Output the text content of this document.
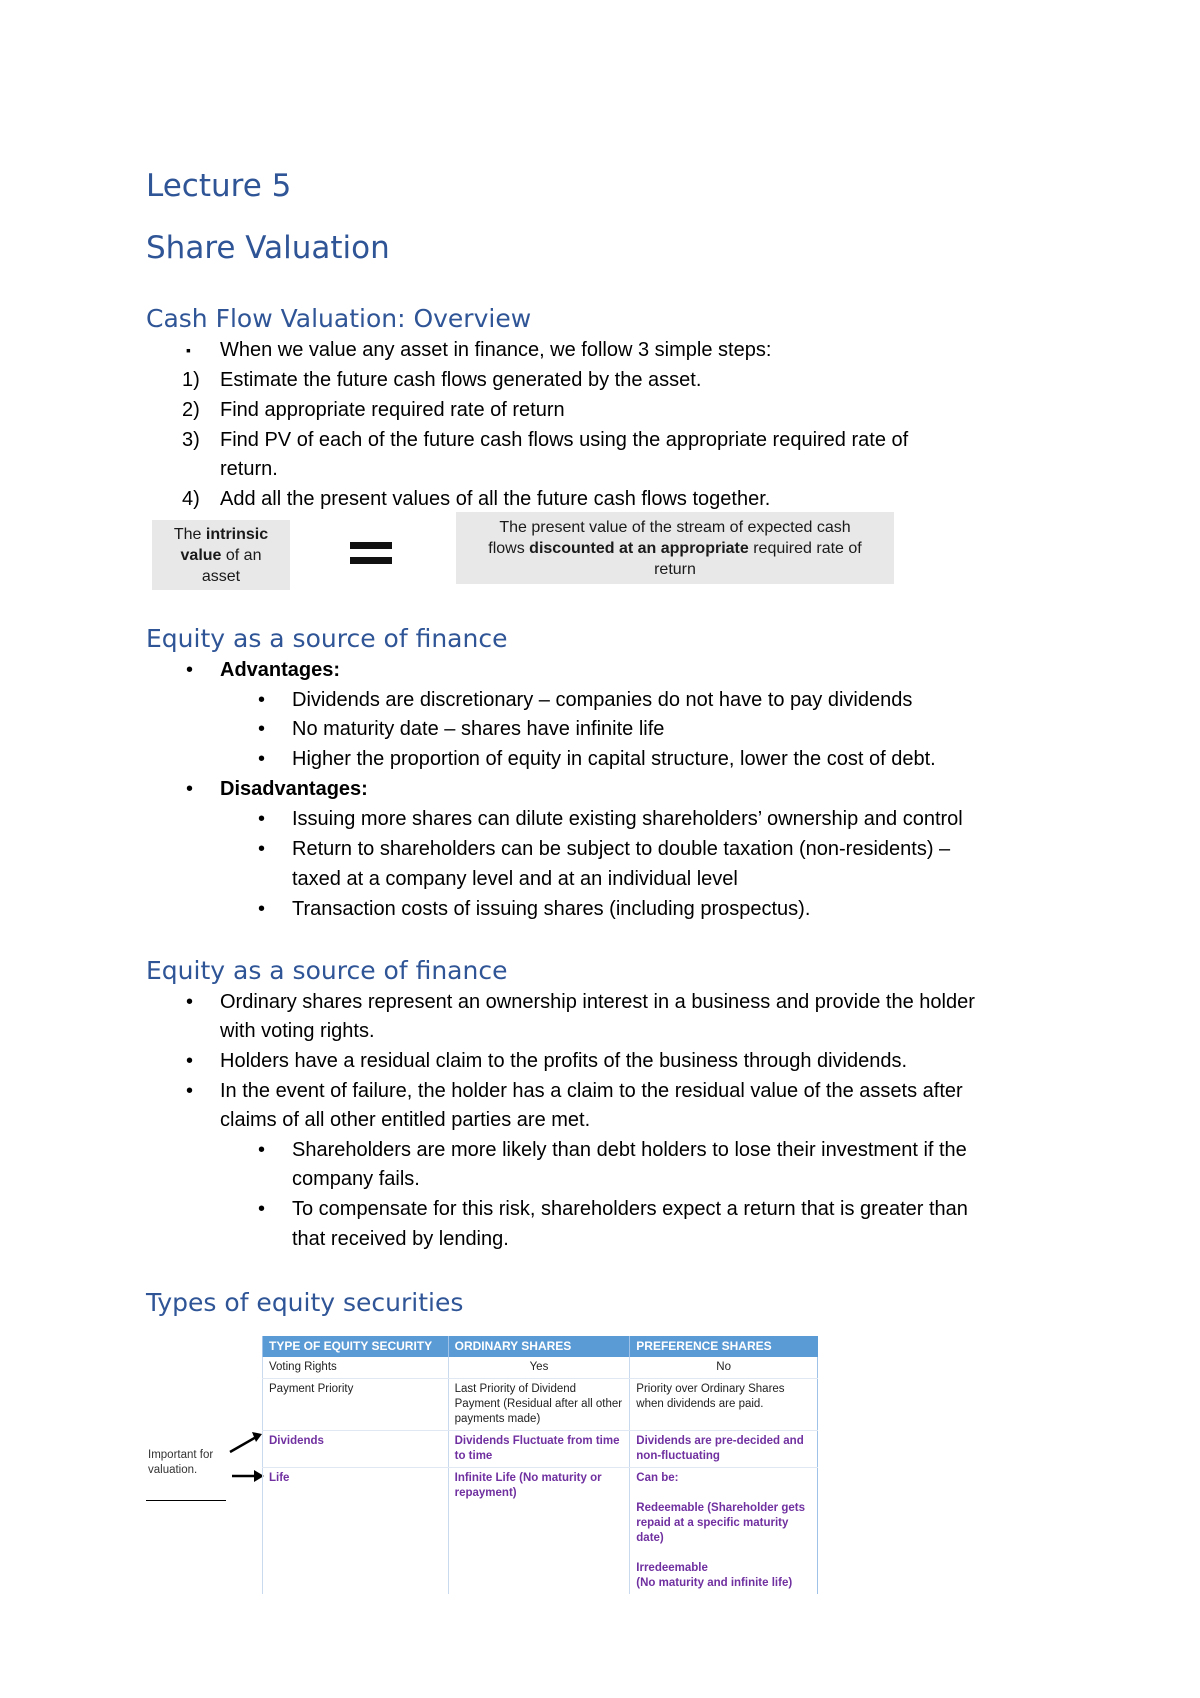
Lecture 5
Share Valuation
Cash Flow Valuation: Overview
▪ When we value any asset in finance, we follow 3 simple steps:
1) Estimate the future cash flows generated by the asset.
2) Find appropriate required rate of return
3) Find PV of each of the future cash flows using the appropriate required rate of
return.
4) Add all the present values of all the future cash flows together.
The intrinsic
value of an
asset
The present value of the stream of expected cash
flows discounted at an appropriate required rate of
return
Equity as a source of finance
• Advantages:
• Dividends are discretionary – companies do not have to pay dividends
• No maturity date – shares have infinite life
• Higher the proportion of equity in capital structure, lower the cost of debt.
• Disadvantages:
• Issuing more shares can dilute existing shareholders’ ownership and control
• Return to shareholders can be subject to double taxation (non-residents) –
taxed at a company level and at an individual level
• Transaction costs of issuing shares (including prospectus).
Equity as a source of finance
• Ordinary shares represent an ownership interest in a business and provide the holder
with voting rights.
• Holders have a residual claim to the profits of the business through dividends.
• In the event of failure, the holder has a claim to the residual value of the assets after
claims of all other entitled parties are met.
• Shareholders are more likely than debt holders to lose their investment if the
company fails.
• To compensate for this risk, shareholders expect a return that is greater than
that received by lending.
Types of equity securities
Important for
valuation.
TYPE OF EQUITY SECURITY	ORDINARY SHARES	PREFERENCE SHARES
Voting Rights	Yes	No
Payment Priority	Last Priority of Dividend Payment (Residual after all other payments made)	Priority over Ordinary Shares when dividends are paid.
Dividends	Dividends Fluctuate from time to time	Dividends are pre-decided and non-fluctuating
Life	Infinite Life (No maturity or repayment)	Can be:
Redeemable (Shareholder gets repaid at a specific maturity date)
Irredeemable
(No maturity and infinite life)
